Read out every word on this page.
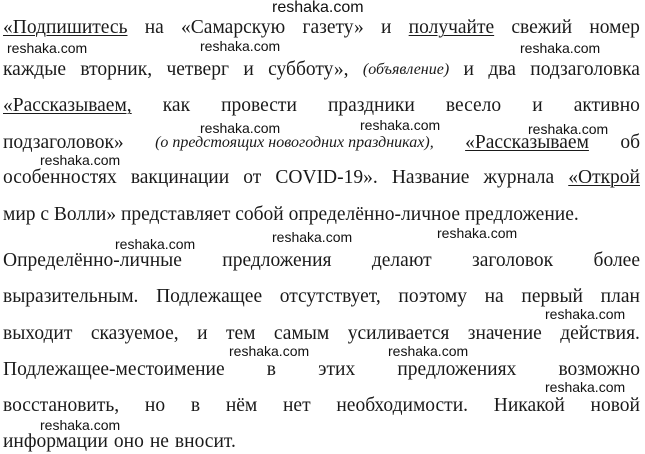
«Подпишитесь на «Самарскую газету» и получайте свежий номер
каждые вторник, четверг и субботу», (объявление) и два подзаголовка
«Рассказываем, как провести праздники весело и активно
подзаголовок» (о предстоящих новогодних праздниках), «Рассказываем об
особенностях вакцинации от COVID-19». Название журнала «Открой
мир с Волли» представляет собой определённо-личное предложение.
Определённо-личные предложения делают заголовок более
выразительным. Подлежащее отсутствует, поэтому на первый план
выходит сказуемое, и тем самым усиливается значение действия.
Подлежащее-местоимение в этих предложениях возможно
восстановить, но в нём нет необходимости. Никакой новой
информации оно не вносит.
reshaka.com
reshaka.com	reshaka.com	reshaka.com
reshaka.com	reshaka.com	reshaka.com
reshaka.com
reshaka.com	reshaka.com	reshaka.com
reshaka.com
reshaka.com	reshaka.com
reshaka.com
reshaka.com
